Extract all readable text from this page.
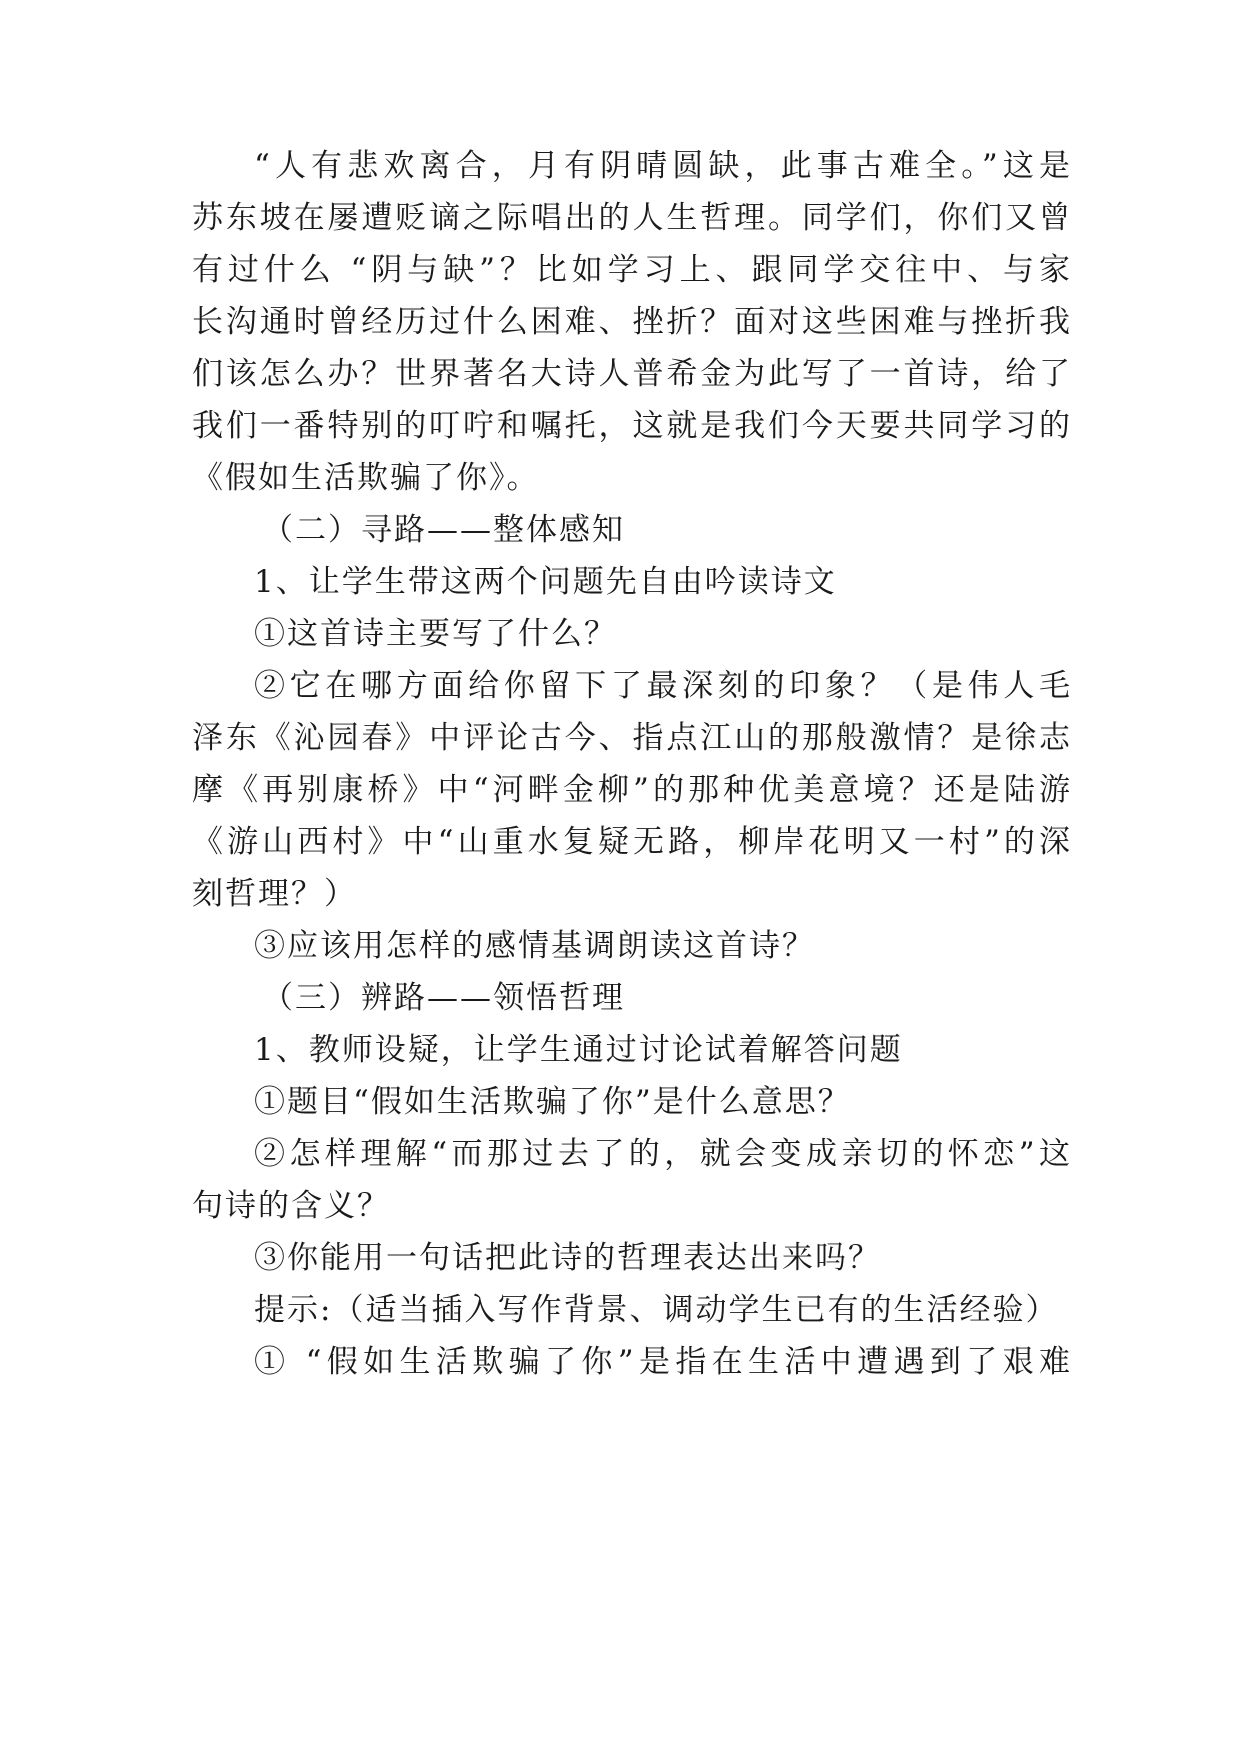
“人有悲欢离合，月有阴晴圆缺，此事古难全。”这是
苏东坡在屡遭贬谪之际唱出的人生哲理。同学们，你们又曾
有过什么 “阴与缺”？比如学习上、跟同学交往中、与家
长沟通时曾经历过什么困难、挫折？面对这些困难与挫折我
们该怎么办？世界著名大诗人普希金为此写了一首诗，给了
我们一番特别的叮咛和嘱托，这就是我们今天要共同学习的
《假如生活欺骗了你》。
（二）寻路——整体感知
1、让学生带这两个问题先自由吟读诗文
①这首诗主要写了什么？
②它在哪方面给你留下了最深刻的印象？（是伟人毛
泽东《沁园春》中评论古今、指点江山的那般激情？是徐志
摩《再别康桥》中“河畔金柳”的那种优美意境？还是陆游
《游山西村》中“山重水复疑无路，柳岸花明又一村”的深
刻哲理？）
③应该用怎样的感情基调朗读这首诗？
（三）辨路——领悟哲理
1、教师设疑，让学生通过讨论试着解答问题
①题目“假如生活欺骗了你”是什么意思？
②怎样理解“而那过去了的，就会变成亲切的怀恋”这
句诗的含义？
③你能用一句话把此诗的哲理表达出来吗？
提示:（适当插入写作背景、调动学生已有的生活经验）
① “假如生活欺骗了你”是指在生活中遭遇到了艰难
